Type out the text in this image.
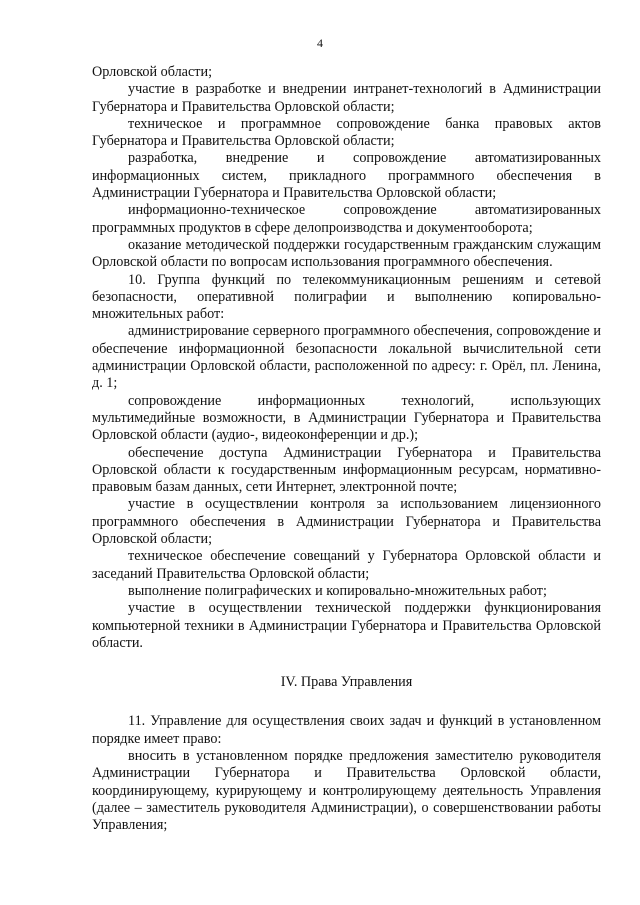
4

Орловской области;

участие в разработке и внедрении интранет-технологий в Администрации Губернатора и Правительства Орловской области;

техническое и программное сопровождение банка правовых актов Губернатора и Правительства Орловской области;

разработка, внедрение и сопровождение автоматизированных информационных систем, прикладного программного обеспечения в Администрации Губернатора и Правительства Орловской области;

информационно-техническое сопровождение автоматизированных программных продуктов в сфере делопроизводства и документооборота;

оказание методической поддержки государственным гражданским служащим Орловской области по вопросам использования программного обеспечения.

10. Группа функций по телекоммуникационным решениям и сетевой безопасности, оперативной полиграфии и выполнению копировально-множительных работ:

администрирование серверного программного обеспечения, сопровождение и обеспечение информационной безопасности локальной вычислительной сети администрации Орловской области, расположенной по адресу: г. Орёл, пл. Ленина, д. 1;

сопровождение информационных технологий, использующих мультимедийные возможности, в Администрации Губернатора и Правительства Орловской области (аудио-, видеоконференции и др.);

обеспечение доступа Администрации Губернатора и Правительства Орловской области к государственным информационным ресурсам, нормативно-правовым базам данных, сети Интернет, электронной почте;

участие в осуществлении контроля за использованием лицензионного программного обеспечения в Администрации Губернатора и Правительства Орловской области;

техническое обеспечение совещаний у Губернатора Орловской области и заседаний Правительства Орловской области;

выполнение полиграфических и копировально-множительных работ;

участие в осуществлении технической поддержки функционирования компьютерной техники в Администрации Губернатора и Правительства Орловской области.

IV. Права Управления

11. Управление для осуществления своих задач и функций в установленном порядке имеет право:

вносить в установленном порядке предложения заместителю руководителя Администрации Губернатора и Правительства Орловской области, координирующему, курирующему и контролирующему деятельность Управления (далее – заместитель руководителя Администрации), о совершенствовании работы Управления;
